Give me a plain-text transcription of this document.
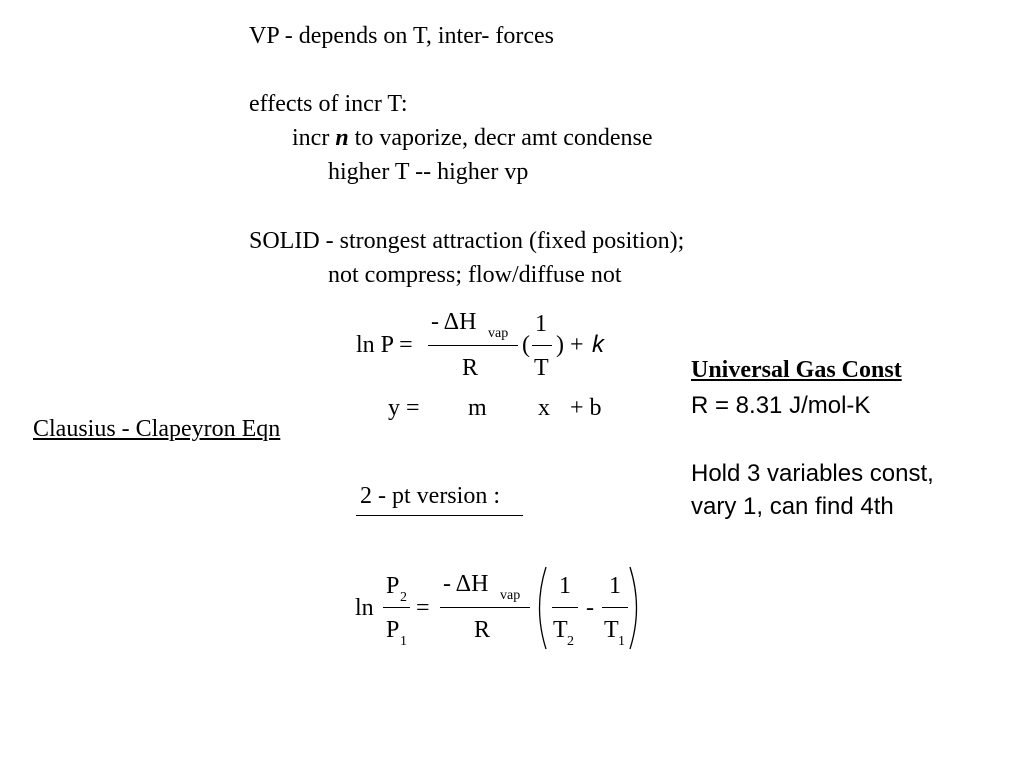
VP - depends on T, inter- forces
effects of incr T:
incr n to vaporize, decr amt condense
higher T -- higher vp
SOLID - strongest attraction (fixed position);
not compress; flow/diffuse not
Clausius - Clapeyron Eqn
ln P =
- ΔH vap
R
(
1
T
) + k
y = m x + b
2 - pt version :
ln
P 2
P 1
=
- ΔH vap
R
1
T 2
-
1
T 1
Universal Gas Const
R = 8.31 J/mol-K
Hold 3 variables const,
vary 1, can find 4th
